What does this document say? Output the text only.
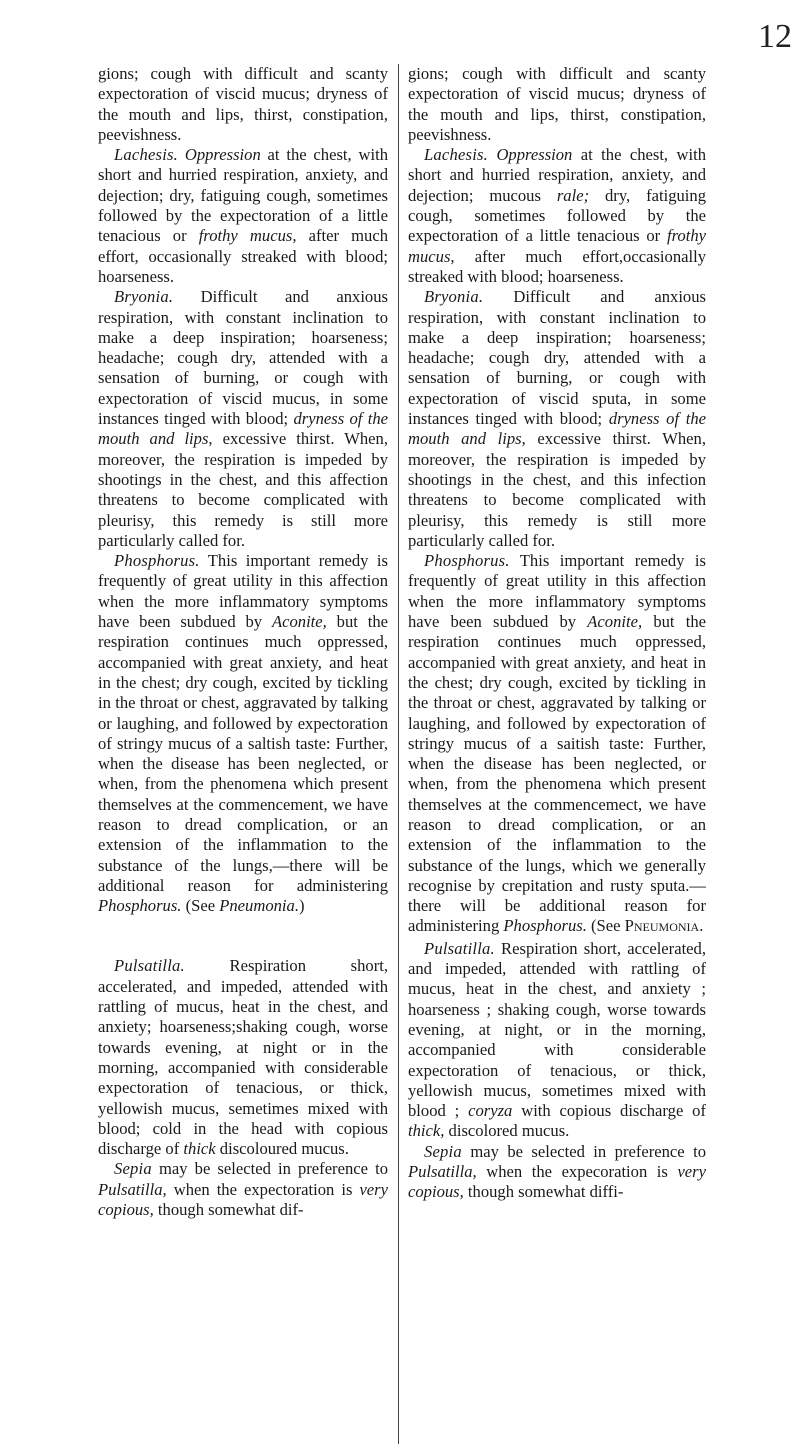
12

gions; cough with difficult and scanty expectoration of viscid mucus; dryness of the mouth and lips, thirst, constipation, peevishness.

Lachesis. Oppression at the chest, with short and hurried respiration, anxiety, and dejection; dry, fatiguing cough, sometimes followed by the expectoration of a little tenacious or frothy mucus, after much effort, occasionally streaked with blood; hoarseness.

Bryonia. Difficult and anxious respiration, with constant inclination to make a deep inspiration; hoarseness; headache; cough dry, attended with a sensation of burning, or cough with expectoration of viscid mucus, in some instances tinged with blood; dryness of the mouth and lips, excessive thirst. When, moreover, the respiration is impeded by shootings in the chest, and this affection threatens to become complicated with pleurisy, this remedy is still more particularly called for.

Phosphorus. This important remedy is frequently of great utility in this affection when the more inflammatory symptoms have been subdued by Aconite, but the respiration continues much oppressed, accompanied with great anxiety, and heat in the chest; dry cough, excited by tickling in the throat or chest, aggravated by talking or laughing, and followed by expectoration of stringy mucus of a saltish taste: Further, when the disease has been neglected, or when, from the phenomena which present themselves at the commencement, we have reason to dread complication, or an extension of the inflammation to the substance of the lungs,—there will be additional reason for administering Phosphorus. (See Pneumonia.)

Pulsatilla. Respiration short, accelerated, and impeded, attended with rattling of mucus, heat in the chest, and anxiety; hoarseness;shaking cough, worse towards evening, at night or in the morning, accompanied with considerable expectoration of tenacious, or thick, yellowish mucus, semetimes mixed with blood; cold in the head with copious discharge of thick discoloured mucus.

Sepia may be selected in preference to Pulsatilla, when the expectoration is very copious, though somewhat dif-

gions; cough with difficult and scanty expectoration of viscid mucus; dryness of the mouth and lips, thirst, constipation, peevishness.

Lachesis. Oppression at the chest, with short and hurried respiration, anxiety, and dejection; mucous rale; dry, fatiguing cough, sometimes followed by the expectoration of a little tenacious or frothy mucus, after much effort,occasionally streaked with blood; hoarseness.

Bryonia. Difficult and anxious respiration, with constant inclination to make a deep inspiration; hoarseness; headache; cough dry, attended with a sensation of burning, or cough with expectoration of viscid sputa, in some instances tinged with blood; dryness of the mouth and lips, excessive thirst. When, moreover, the respiration is impeded by shootings in the chest, and this infection threatens to become complicated with pleurisy, this remedy is still more particularly called for.

Phosphorus. This important remedy is frequently of great utility in this affection when the more inflammatory symptoms have been subdued by Aconite, but the respiration continues much oppressed, accompanied with great anxiety, and heat in the chest; dry cough, excited by tickling in the throat or chest, aggravated by talking or laughing, and followed by expectoration of stringy mucus of a saitish taste: Further, when the disease has been neglected, or when, from the phenomena which present themselves at the commencemect, we have reason to dread complication, or an extension of the inflammation to the substance of the lungs, which we generally recognise by crepitation and rusty sputa.—there will be additional reason for administering Phosphorus. (See Pneumonia.

Pulsatilla. Respiration short, accelerated, and impeded, attended with rattling of mucus, heat in the chest, and anxiety ; hoarseness ; shaking cough, worse towards evening, at night, or in the morning, accompanied with considerable expectoration of tenacious, or thick, yellowish mucus, sometimes mixed with blood ; coryza with copious discharge of thick, discolored mucus.

Sepia may be selected in preference to Pulsatilla, when the expecoration is very copious, though somewhat diffi-
